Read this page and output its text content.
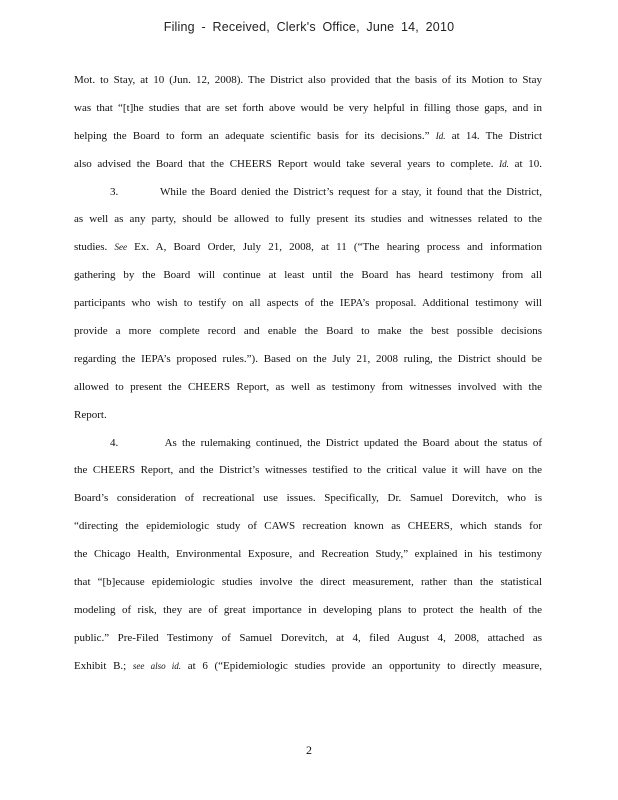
Filing - Received, Clerk's Office, June 14, 2010
Mot. to Stay, at 10 (Jun. 12, 2008). The District also provided that the basis of its Motion to Stay
was that “[t]he studies that are set forth above would be very helpful in filling those gaps, and in
helping the Board to form an adequate scientific basis for its decisions.” Id. at 14. The District
also advised the Board that the CHEERS Report would take several years to complete. Id. at 10.
3.         While the Board denied the District’s request for a stay, it found that the District,
as well as any party, should be allowed to fully present its studies and witnesses related to the
studies. See Ex. A, Board Order, July 21, 2008, at 11 (“The hearing process and information
gathering by the Board will continue at least until the Board has heard testimony from all
participants who wish to testify on all aspects of the IEPA’s proposal. Additional testimony will
provide a more complete record and enable the Board to make the best possible decisions
regarding the IEPA’s proposed rules.”). Based on the July 21, 2008 ruling, the District should be
allowed to present the CHEERS Report, as well as testimony from witnesses involved with the
Report.
4.         As the rulemaking continued, the District updated the Board about the status of
the CHEERS Report, and the District’s witnesses testified to the critical value it will have on the
Board’s consideration of recreational use issues. Specifically, Dr. Samuel Dorevitch, who is
“directing the epidemiologic study of CAWS recreation known as CHEERS, which stands for
the Chicago Health, Environmental Exposure, and Recreation Study,” explained in his testimony
that “[b]ecause epidemiologic studies involve the direct measurement, rather than the statistical
modeling of risk, they are of great importance in developing plans to protect the health of the
public.” Pre-Filed Testimony of Samuel Dorevitch, at 4, filed August 4, 2008, attached as
Exhibit B.; see also id. at 6 (“Epidemiologic studies provide an opportunity to directly measure,
2
